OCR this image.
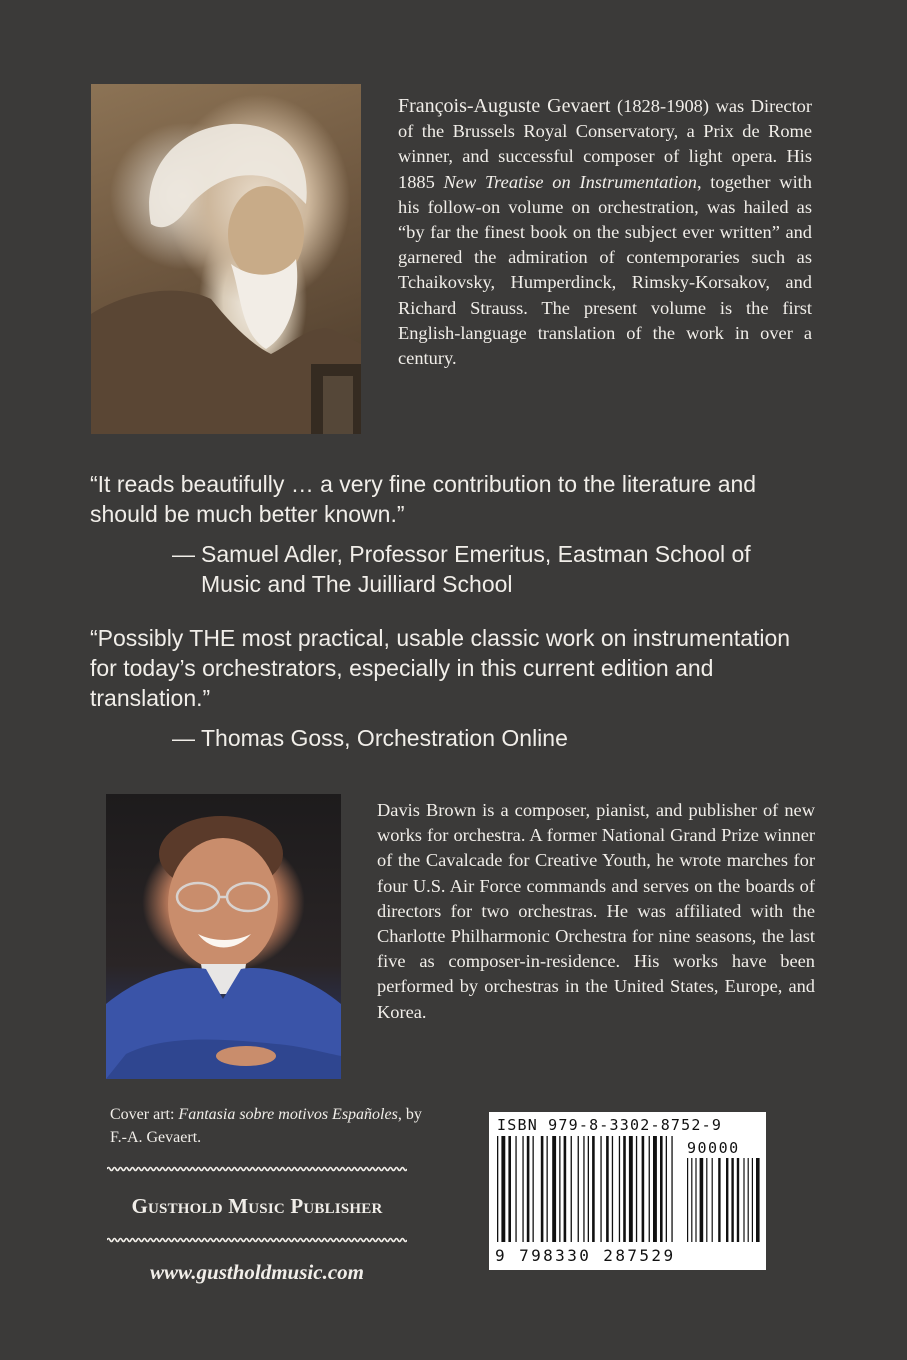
François-Auguste Gevaert (1828-1908) was Director of the Brussels Royal Conservatory, a Prix de Rome winner, and successful composer of light opera. His 1885 New Treatise on Instrumentation, together with his follow-on volume on orchestration, was hailed as “by far the finest book on the subject ever written” and garnered the admiration of contemporaries such as Tchaikovsky, Humperdinck, Rimsky-Korsakov, and Richard Strauss. The present volume is the first English-language translation of the work in over a century.

“It reads beautifully … a very fine contribution to the literature and should be much better known.”

— Samuel Adler, Professor Emeritus, Eastman School of
Music and The Juilliard School

“Possibly THE most practical, usable classic work on instrumentation for today’s orchestrators, especially in this current edition and translation.”

— Thomas Goss, Orchestration Online

Davis Brown is a composer, pianist, and publisher of new works for orchestra. A former National Grand Prize winner of the Cavalcade for Creative Youth, he wrote marches for four U.S. Air Force commands and serves on the boards of directors for two orchestras. He was affiliated with the Charlotte Philharmonic Orchestra for nine seasons, the last five as composer-in-residence. His works have been performed by orchestras in the United States, Europe, and Korea.

Cover art: Fantasia sobre motivos Españoles, by F.-A. Gevaert.

Gusthold Music Publisher
www.gustholdmusic.com
ISBN 979-8-3302-8752-9
90000
9 798330 287529
